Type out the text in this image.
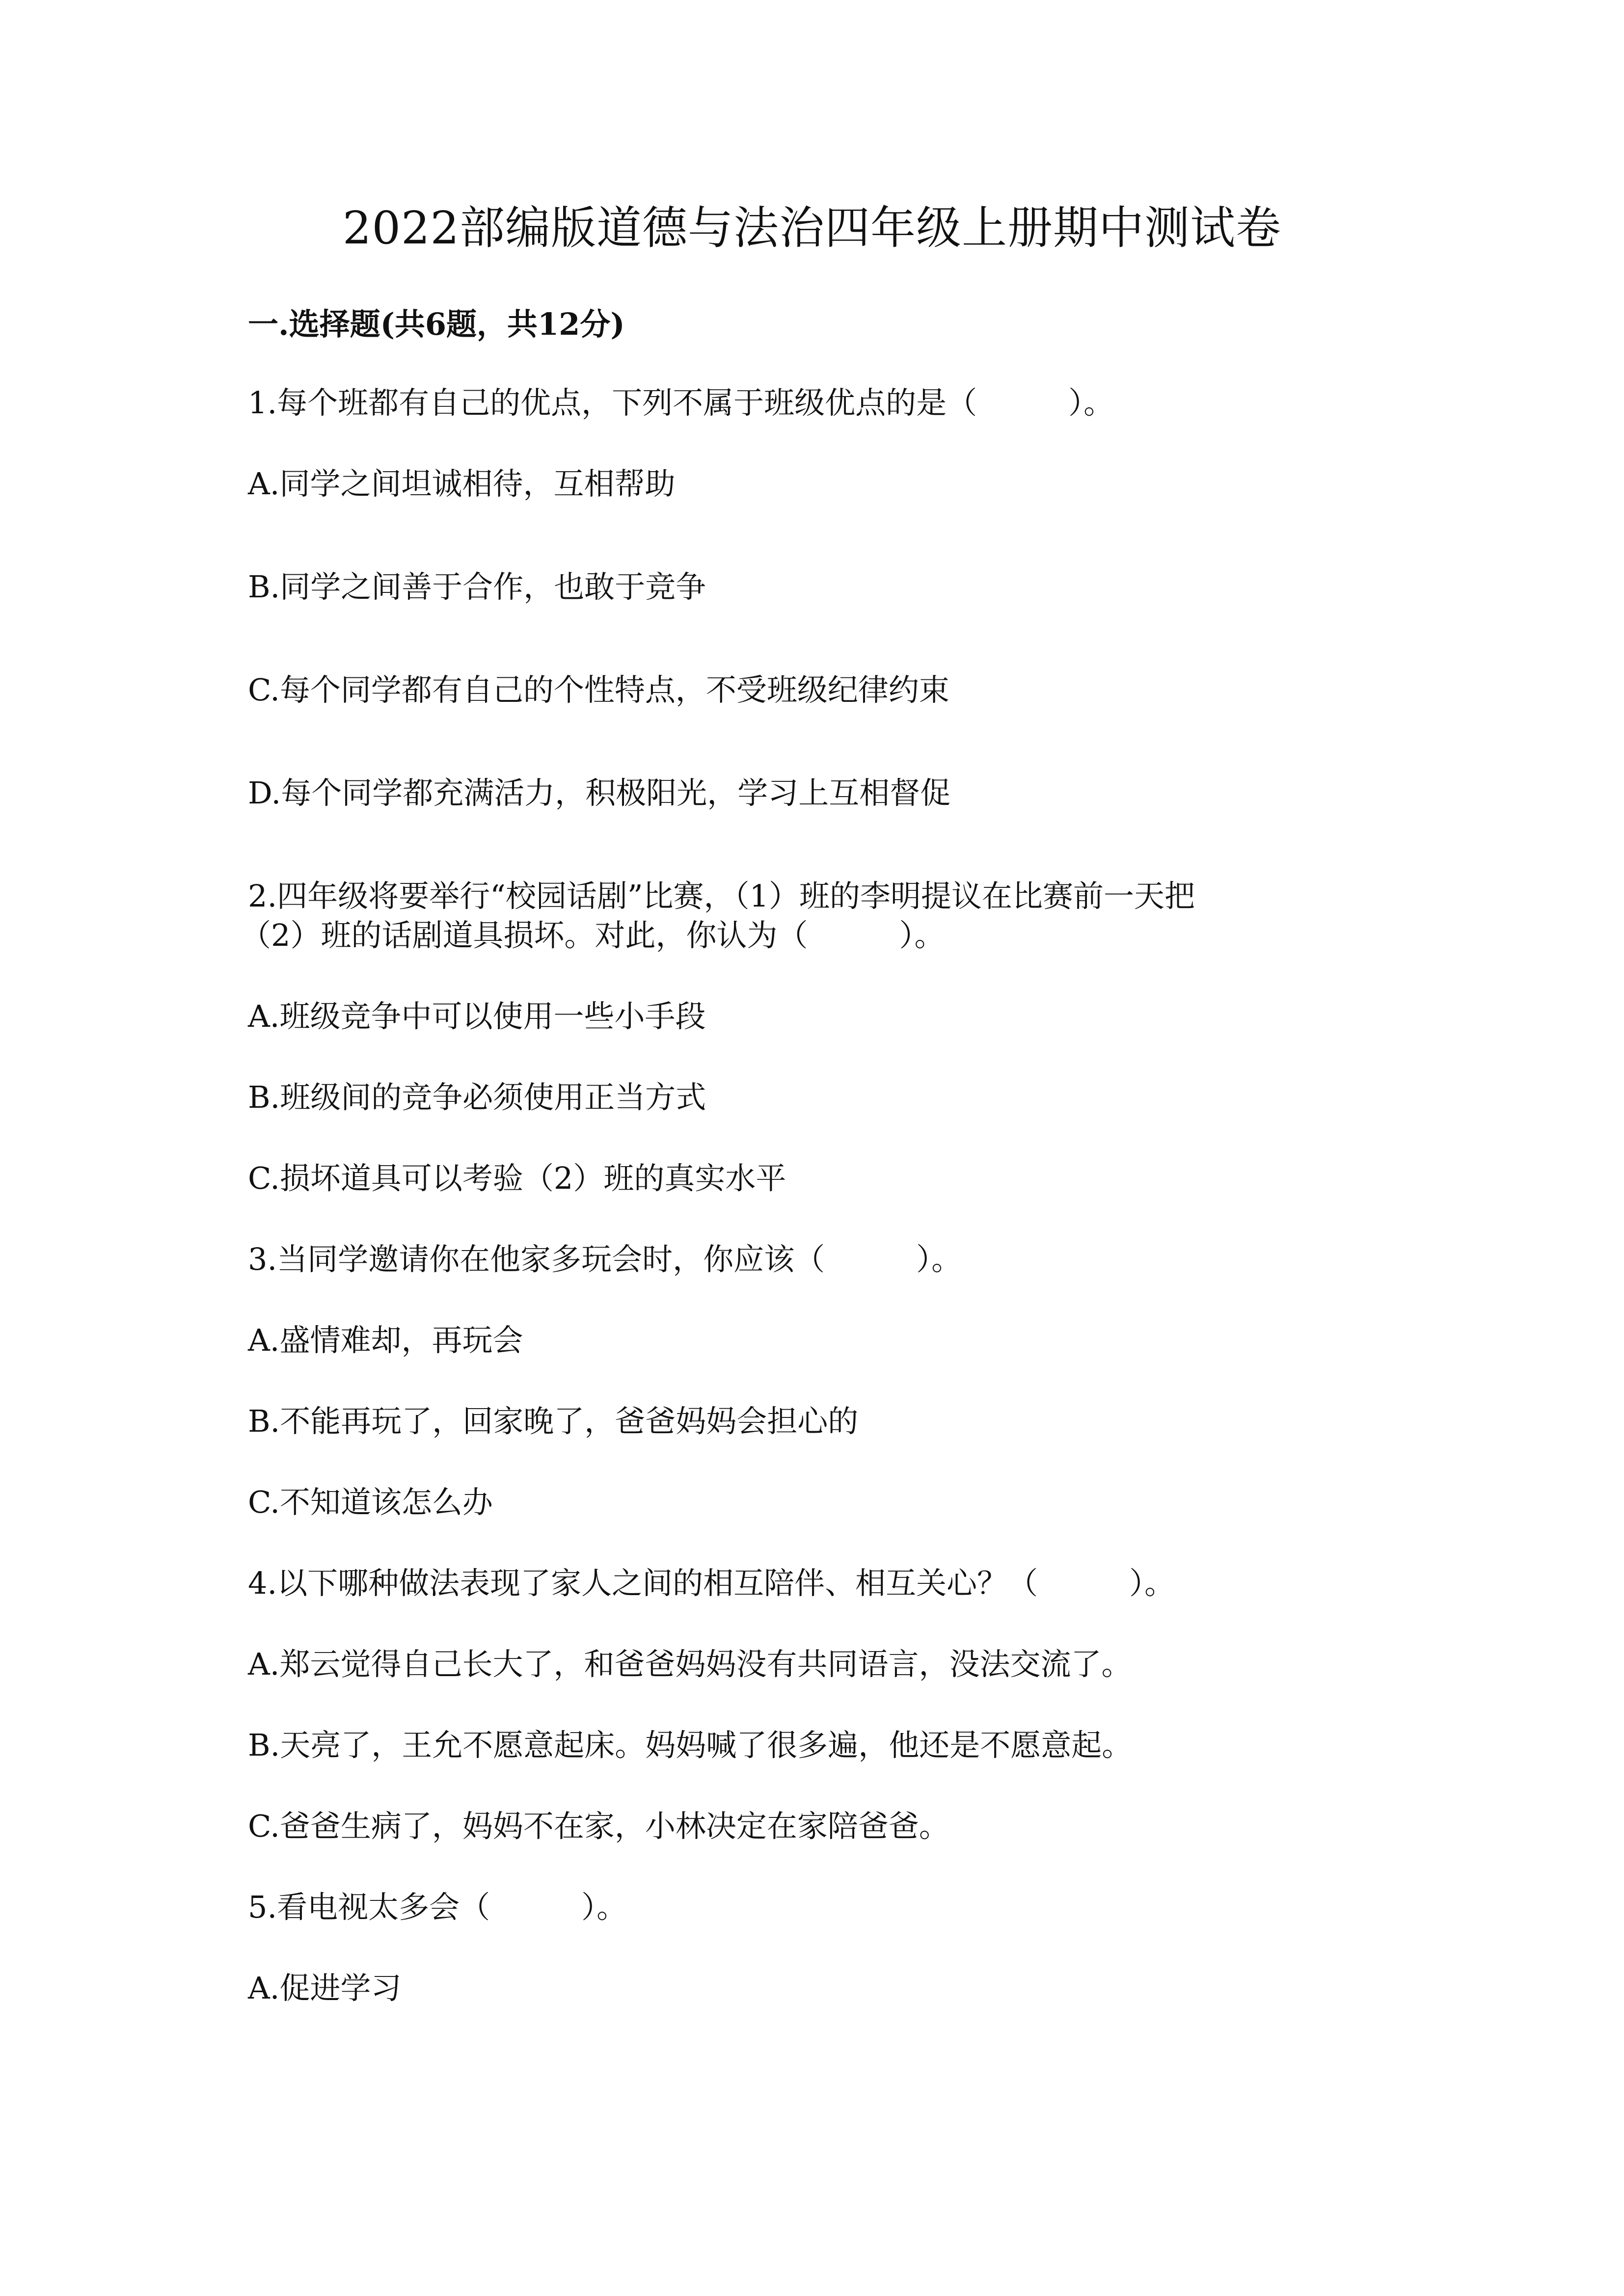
2022部编版道德与法治四年级上册期中测试卷
一.选择题(共6题，共12分)
1.每个班都有自己的优点，下列不属于班级优点的是（　　　）。
A.同学之间坦诚相待，互相帮助
B.同学之间善于合作，也敢于竞争
C.每个同学都有自己的个性特点，不受班级纪律约束
D.每个同学都充满活力，积极阳光，学习上互相督促
2.四年级将要举行“校园话剧”比赛，（1）班的李明提议在比赛前一天把
（2）班的话剧道具损坏。对此，你认为（　　　）。
A.班级竞争中可以使用一些小手段
B.班级间的竞争必须使用正当方式
C.损坏道具可以考验（2）班的真实水平
3.当同学邀请你在他家多玩会时，你应该（　　　）。
A.盛情难却，再玩会
B.不能再玩了，回家晚了，爸爸妈妈会担心的
C.不知道该怎么办
4.以下哪种做法表现了家人之间的相互陪伴、相互关心？（　　　）。
A.郑云觉得自己长大了，和爸爸妈妈没有共同语言，没法交流了。
B.天亮了，王允不愿意起床。妈妈喊了很多遍，他还是不愿意起。
C.爸爸生病了，妈妈不在家，小林决定在家陪爸爸。
5.看电视太多会（　　　）。
A.促进学习
